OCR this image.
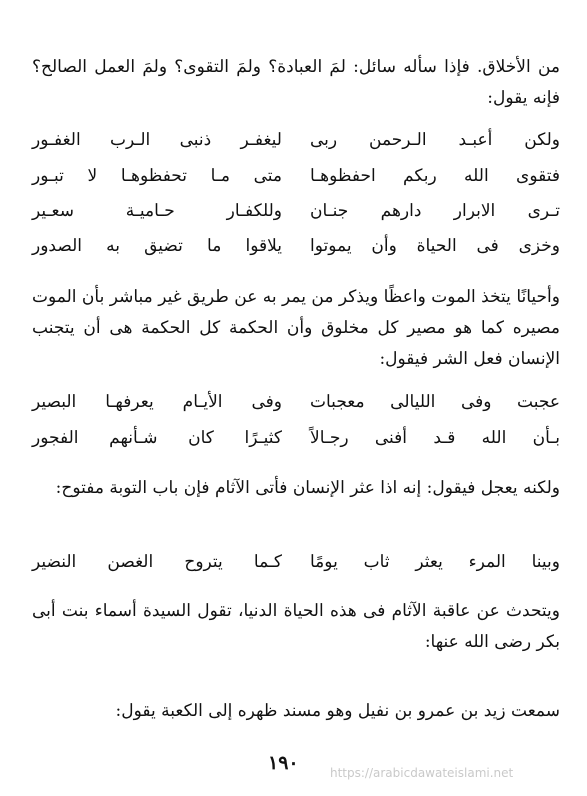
من الأخلاق. فإذا سأله سائل: لمَ العبادة؟ ولمَ التقوى؟ ولمَ العمل الصالح؟ فإنه يقول:
ولكن أعبـد الـرحمن ربى
ليغفـر ذنبى الـرب الغفـور
فتقوى الله ربكم احفظوهـا
متى مـا تحفظوهـا لا تبـور
تـرى الابرار دارهم جنـان
وللكفـار حـاميـة سعـير
وخزى فى الحياة وأن يموتوا
يلاقوا ما تضيق به الصدور
وأحيانًا يتخذ الموت واعظًا ويذكر من يمر به عن طريق غير مباشر بأن الموت مصيره كما هو مصير كل مخلوق وأن الحكمة كل الحكمة هى أن يتجنب الإنسان فعل الشر فيقول:
عجبت وفى الليالى معجبات
وفى الأيـام يعرفهـا البصير
بـأن الله قـد أفنى رجـالاً
كثيـرًا كان شـأنهم الفجور
ولكنه يعجل فيقول: إنه اذا عثر الإنسان فأتى الآثام فإن باب التوبة مفتوح:
وبينا المرء يعثر ثاب يومًا
كـما يتروح الغصن النضير
ويتحدث عن عاقبة الآثام فى هذه الحياة الدنيا، تقول السيدة أسماء بنت أبى بكر رضى الله عنها:
سمعت زيد بن عمرو بن نفيل وهو مسند ظهره إلى الكعبة يقول:
١٩٠	https://arabicdawateislami.net
